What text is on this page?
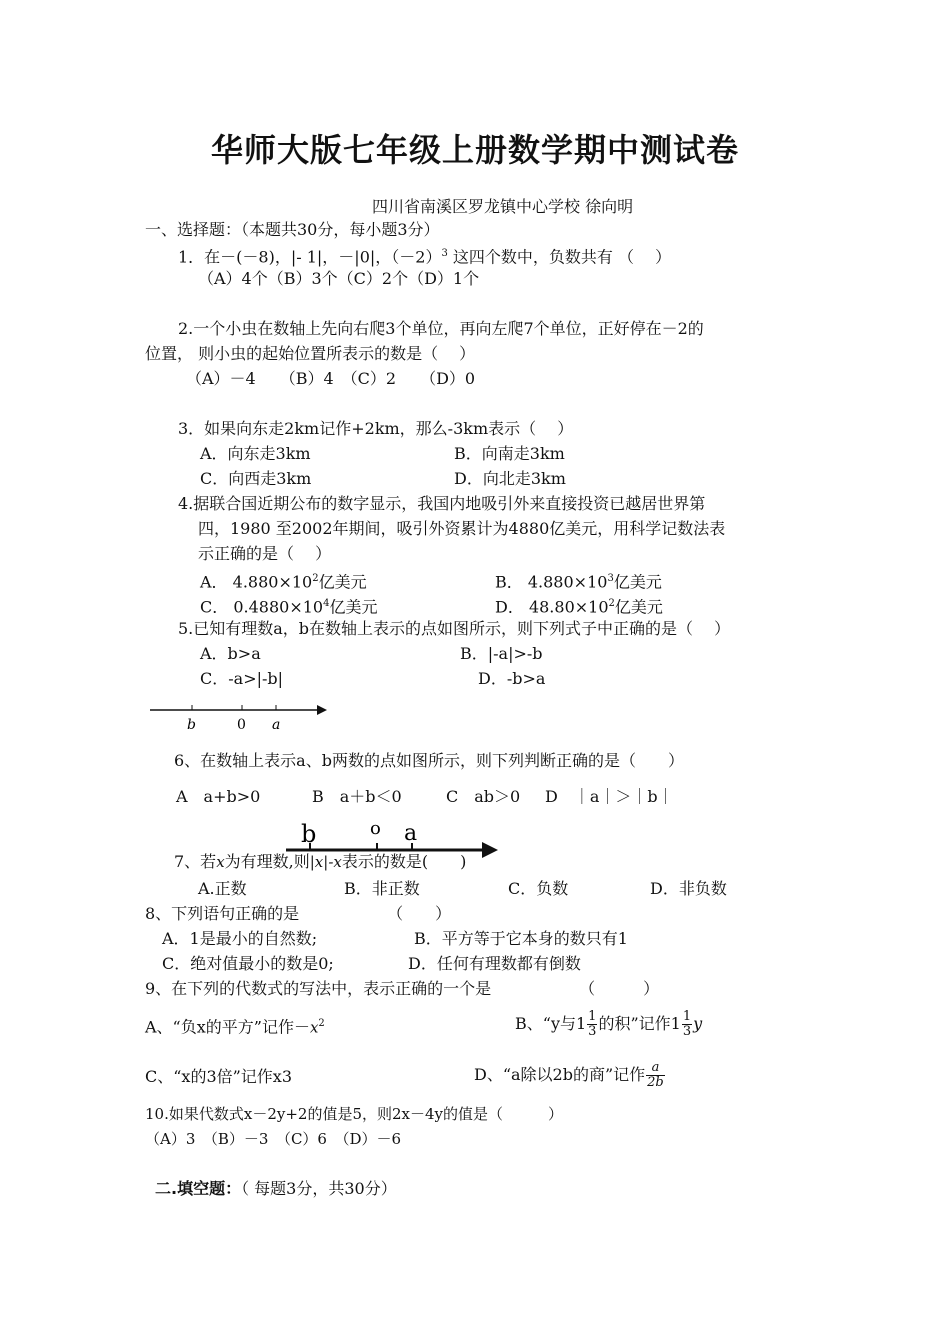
华师大版七年级上册数学期中测试卷
四川省南溪区罗龙镇中心学校 徐向明
一、选择题：（本题共30分，每小题3分）
1．在－(－8)，|- 1|，－|0|，$(-2)^3$ 这四个数中，负数共有 （　 ）
（A）4个（B）3个（C）2个（D）1个
2.一个小虫在数轴上先向右爬3个单位，再向左爬7个单位，正好停在－2的
位置， 则小虫的起始位置所表示的数是（　 ）
（A）－4　　（B）4　（C）2　　（D）0
3．如果向东走2km记作+2km，那么-3km表示（　 ）
A．向东走3km	B．向南走3km
C．向西走3km	D．向北走3km
4.据联合国近期公布的数字显示，我国内地吸引外来直接投资已越居世界第
四，1980 至2002年期间，吸引外资累计为4880亿美元，用科学记数法表
示正确的是（　 ）
A． $4.880\times 10^2$亿美元	B． $4.880\times 10^3$亿美元
C． $0.4880\times 10^4$亿美元	D． $48.80\times 10^2$亿美元
5.已知有理数a，b在数轴上表示的点如图所示，则下列式子中正确的是（　 ）
A．b>a	B．|-a|>-b
C．-a>|-b|	D．-b>a
b	0 a
6、在数轴上表示a、b两数的点如图所示，则下列判断正确的是（　　）
A　a+b>0	B　a＋b＜0	C　ab＞0 D　｜a｜＞｜b｜
b	o a
7、若x为有理数,则|x|-x表示的数是(　　)
A.正数	B．非正数	C．负数	D．非负数
8、下列语句正确的是　　　　　　（　　）
A．1是最小的自然数;	B．平方等于它本身的数只有1
C．绝对值最小的数是0;	D．任何有理数都有倒数
9、在下列的代数式的写法中，表示正确的一个是　　　　　　（　　　）
A、“负x的平方”记作$-x^2$	B、“y与$1 \frac{1}{3}$ 的积”记作$1 \frac{1}{3}$ y
C、“x的3倍”记作x3	D、“a除以2b的商”记作 $\frac{a}{2b}$
10.如果代数式x－2y+2的值是5，则2x－4y的值是（　　　）
（A）3　（B）－3　（C）6　（D）－6
二.填空题：（ 每题3分，共30分）
